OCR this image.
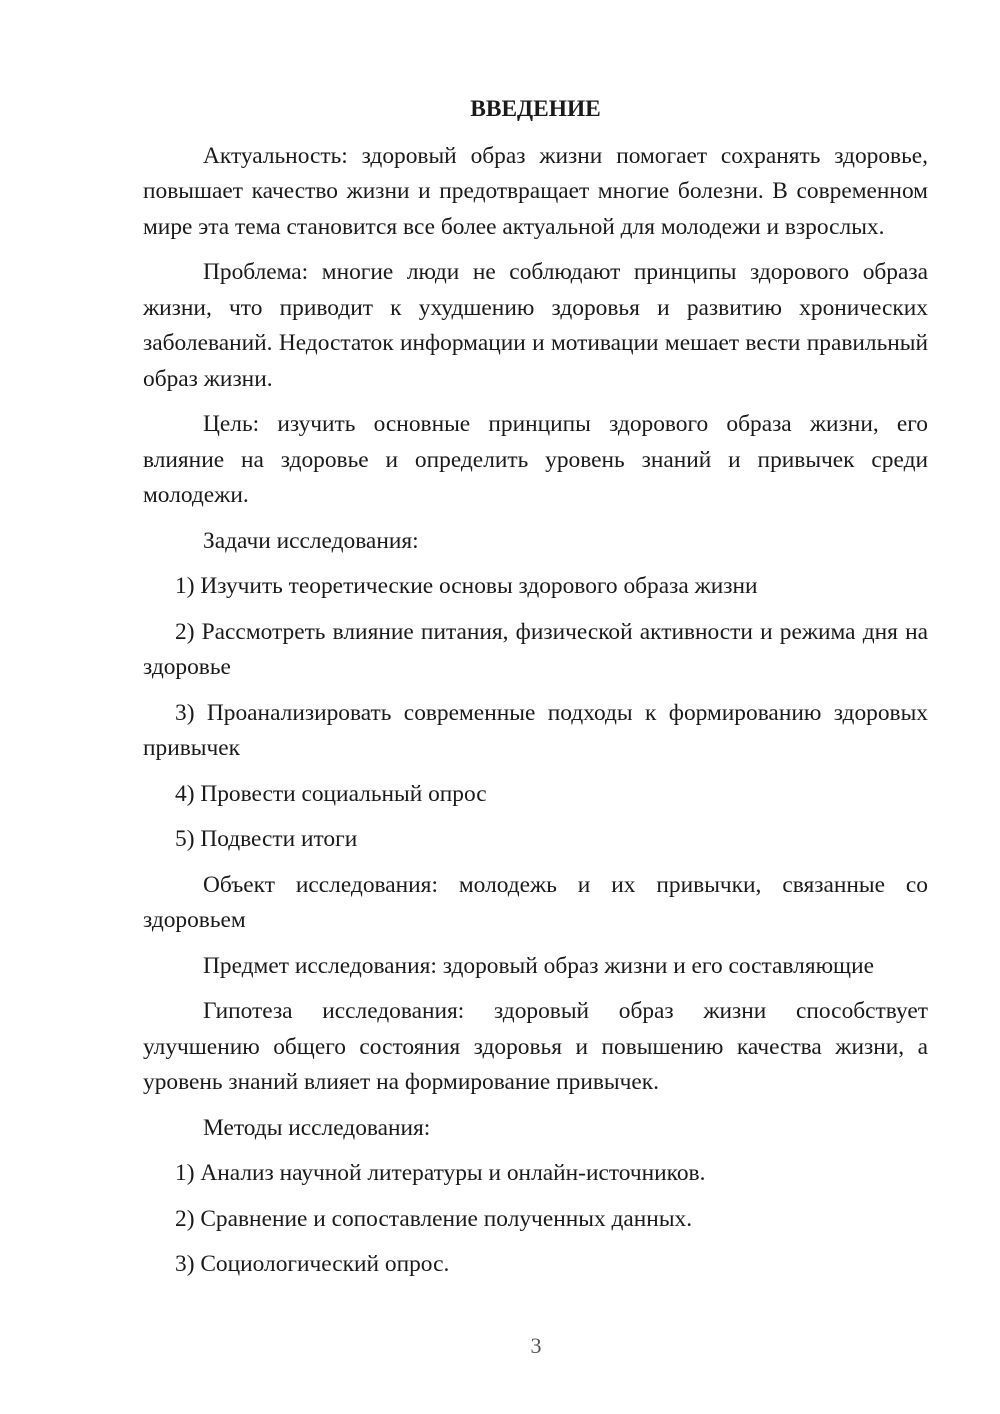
ВВЕДЕНИЕ

Актуальность: здоровый образ жизни помогает сохранять здоровье, повышает качество жизни и предотвращает многие болезни. В современном мире эта тема становится все более актуальной для молодежи и взрослых.

Проблема: многие люди не соблюдают принципы здорового образа жизни, что приводит к ухудшению здоровья и развитию хронических заболеваний. Недостаток информации и мотивации мешает вести правильный образ жизни.

Цель: изучить основные принципы здорового образа жизни, его влияние на здоровье и определить уровень знаний и привычек среди молодежи.

Задачи исследования:

1) Изучить теоретические основы здорового образа жизни

2) Рассмотреть влияние питания, физической активности и режима дня на здоровье

3) Проанализировать современные подходы к формированию здоровых привычек

4) Провести социальный опрос

5) Подвести итоги

Объект исследования: молодежь и их привычки, связанные со здоровьем

Предмет исследования: здоровый образ жизни и его составляющие

Гипотеза исследования: здоровый образ жизни способствует улучшению общего состояния здоровья и повышению качества жизни, а уровень знаний влияет на формирование привычек.

Методы исследования:

1) Анализ научной литературы и онлайн-источников.

2) Сравнение и сопоставление полученных данных.

3) Социологический опрос.

3
